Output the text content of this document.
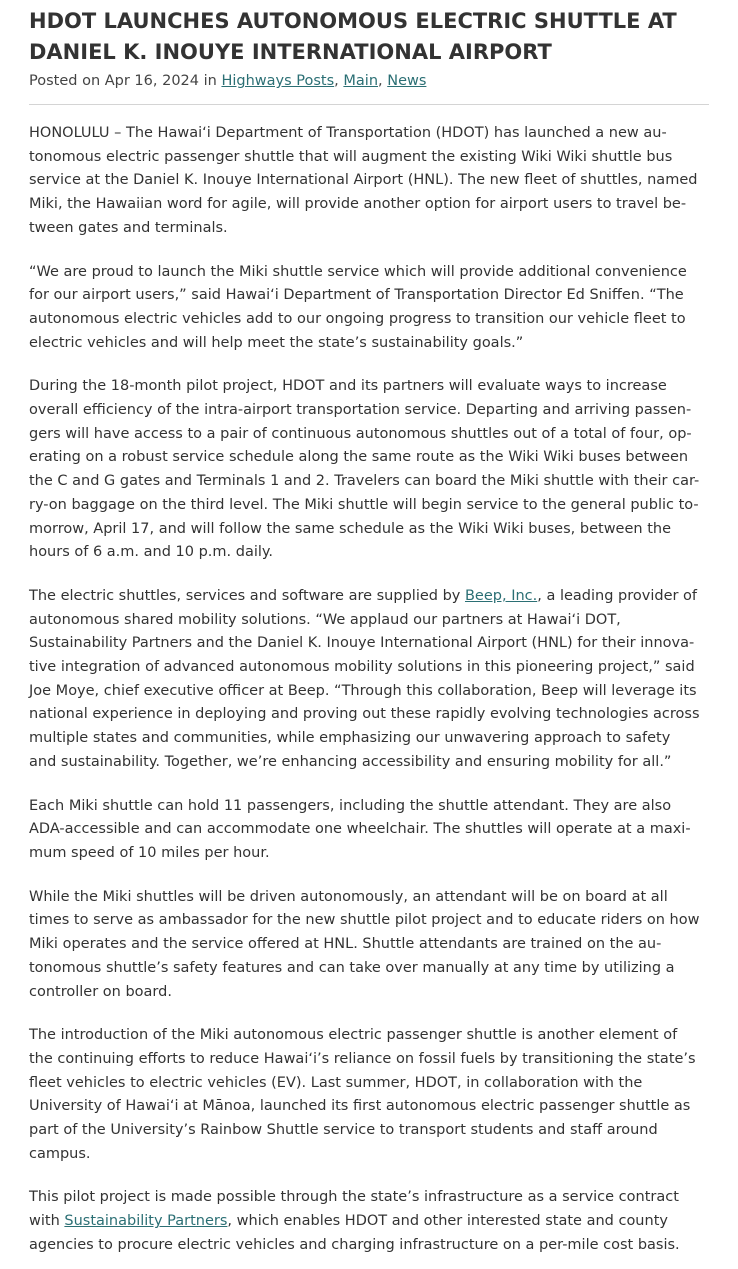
HDOT LAUNCHES AUTONOMOUS ELECTRIC SHUTTLE AT
DANIEL K. INOUYE INTERNATIONAL AIRPORT
Posted on Apr 16, 2024 in Highways Posts, Main, News

HONOLULU – The Hawaiʻi Department of Transportation (HDOT) has launched a new au-
tonomous electric passenger shuttle that will augment the existing Wiki Wiki shuttle bus
service at the Daniel K. Inouye International Airport (HNL). The new fleet of shuttles, named
Miki, the Hawaiian word for agile, will provide another option for airport users to travel be-
tween gates and terminals.

“We are proud to launch the Miki shuttle service which will provide additional convenience
for our airport users,” said Hawaiʻi Department of Transportation Director Ed Sniffen. “The
autonomous electric vehicles add to our ongoing progress to transition our vehicle fleet to
electric vehicles and will help meet the state’s sustainability goals.”

During the 18-month pilot project, HDOT and its partners will evaluate ways to increase
overall efficiency of the intra-airport transportation service. Departing and arriving passen-
gers will have access to a pair of continuous autonomous shuttles out of a total of four, op-
erating on a robust service schedule along the same route as the Wiki Wiki buses between
the C and G gates and Terminals 1 and 2. Travelers can board the Miki shuttle with their car-
ry-on baggage on the third level. The Miki shuttle will begin service to the general public to-
morrow, April 17, and will follow the same schedule as the Wiki Wiki buses, between the
hours of 6 a.m. and 10 p.m. daily.

The electric shuttles, services and software are supplied by Beep, Inc., a leading provider of
autonomous shared mobility solutions. “We applaud our partners at Hawaiʻi DOT,
Sustainability Partners and the Daniel K. Inouye International Airport (HNL) for their innova-
tive integration of advanced autonomous mobility solutions in this pioneering project,” said
Joe Moye, chief executive officer at Beep. “Through this collaboration, Beep will leverage its
national experience in deploying and proving out these rapidly evolving technologies across
multiple states and communities, while emphasizing our unwavering approach to safety
and sustainability. Together, we’re enhancing accessibility and ensuring mobility for all.”

Each Miki shuttle can hold 11 passengers, including the shuttle attendant. They are also
ADA-accessible and can accommodate one wheelchair. The shuttles will operate at a maxi-
mum speed of 10 miles per hour.

While the Miki shuttles will be driven autonomously, an attendant will be on board at all
times to serve as ambassador for the new shuttle pilot project and to educate riders on how
Miki operates and the service offered at HNL. Shuttle attendants are trained on the au-
tonomous shuttle’s safety features and can take over manually at any time by utilizing a
controller on board.

The introduction of the Miki autonomous electric passenger shuttle is another element of
the continuing efforts to reduce Hawaiʻi’s reliance on fossil fuels by transitioning the state’s
fleet vehicles to electric vehicles (EV). Last summer, HDOT, in collaboration with the
University of Hawaiʻi at Mānoa, launched its first autonomous electric passenger shuttle as
part of the University’s Rainbow Shuttle service to transport students and staff around
campus.

This pilot project is made possible through the state’s infrastructure as a service contract
with Sustainability Partners, which enables HDOT and other interested state and county
agencies to procure electric vehicles and charging infrastructure on a per-mile cost basis.
